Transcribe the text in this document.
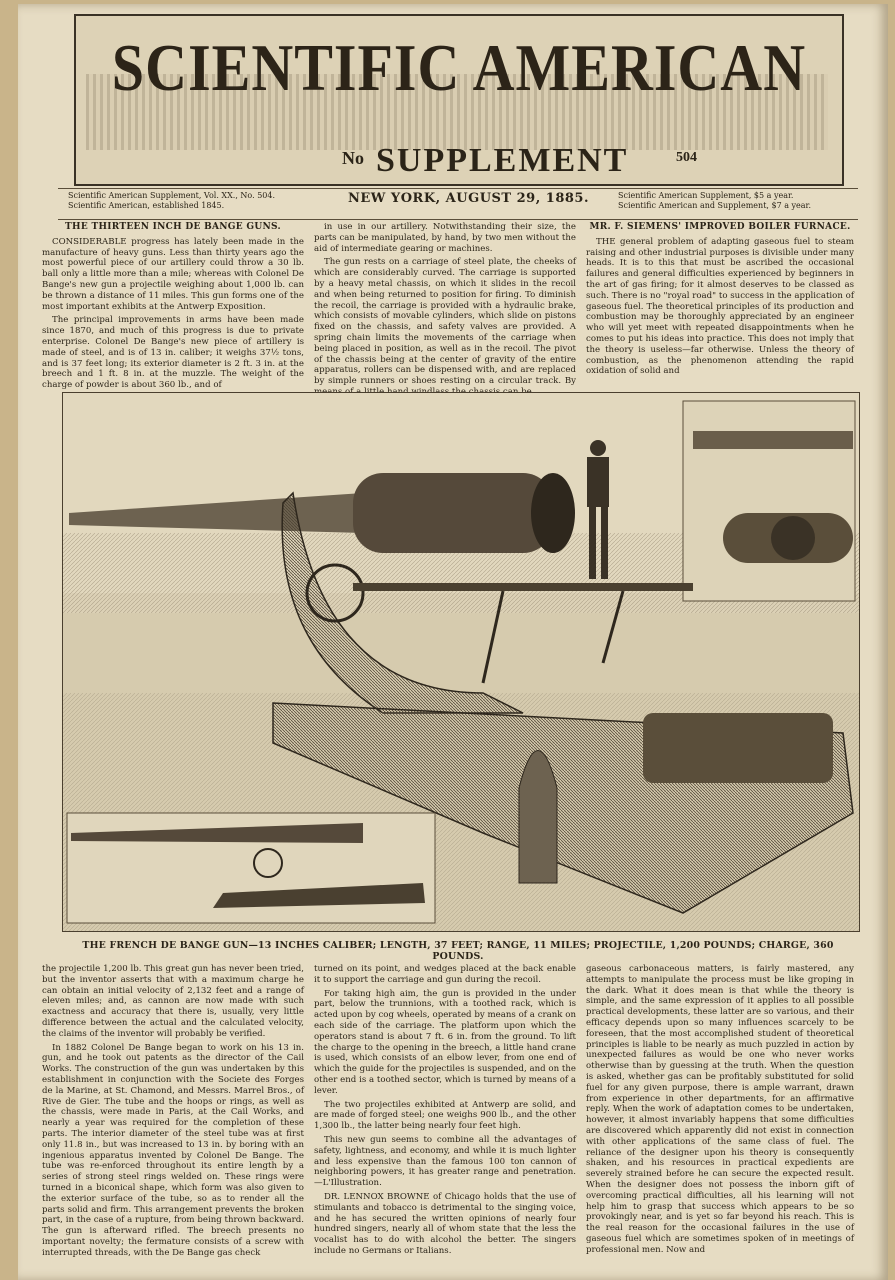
SCIENTIFIC AMERICAN
No SUPPLEMENT	504
Scientific American Supplement, Vol. XX., No. 504.
Scientific American, established 1845.	NEW YORK, AUGUST 29, 1885.	Scientific American Supplement, $5 a year.
Scientific American and Supplement, $7 a year.
THE THIRTEEN INCH DE BANGE GUNS.

CONSIDERABLE progress has lately been made in the manufacture of heavy guns. Less than thirty years ago the most powerful piece of our artillery could throw a 30 lb. ball only a little more than a mile; whereas with Colonel De Bange's new gun a projectile weighing about 1,000 lb. can be thrown a distance of 11 miles. This gun forms one of the most important exhibits at the Antwerp Exposition.

The principal improvements in arms have been made since 1870, and much of this progress is due to private enterprise. Colonel De Bange's new piece of artillery is made of steel, and is of 13 in. caliber; it weighs 37½ tons, and is 37 feet long; its exterior diameter is 2 ft. 3 in. at the breech and 1 ft. 8 in. at the muzzle. The weight of the charge of powder is about 360 lb., and of

in use in our artillery. Notwithstanding their size, the parts can be manipulated, by hand, by two men without the aid of intermediate gearing or machines.

The gun rests on a carriage of steel plate, the cheeks of which are considerably curved. The carriage is supported by a heavy metal chassis, on which it slides in the recoil and when being returned to position for firing. To diminish the recoil, the carriage is provided with a hydraulic brake, which consists of movable cylinders, which slide on pistons fixed on the chassis, and safety valves are provided. A spring chain limits the movements of the carriage when being placed in position, as well as in the recoil. The pivot of the chassis being at the center of gravity of the entire apparatus, rollers can be dispensed with, and are replaced by simple runners or shoes resting on a circular track. By

MR. F. SIEMENS' IMPROVED BOILER FURNACE.

THE general problem of adapting gaseous fuel to steam raising and other industrial purposes is divisible under many heads. It is to this that must be ascribed the occasional failures and general difficulties experienced by beginners in the art of gas firing; for it almost deserves to be classed as such. There is no "royal road" to success in the application of gaseous fuel. The theoretical principles of its production and combustion may be thoroughly appreciated by an engineer who will yet meet with repeated disappointments when he comes to put his ideas into practice. This does not imply that the theory is useless—far otherwise. Unless the theory of combustion, as the phenomenon attending the rapid oxidation of solid and

THE FRENCH DE BANGE GUN—13 INCHES CALIBER; LENGTH, 37 FEET; RANGE, 11 MILES; PROJECTILE, 1,200 POUNDS; CHARGE, 360 POUNDS.

the projectile 1,200 lb. This great gun has never been tried, but the inventor asserts that with a maximum charge he can obtain an initial velocity of 2,132 feet and a range of eleven miles; and, as cannon are now made with such exactness and accuracy that there is, usually, very little difference between the actual and the calculated velocity, the claims of the inventor will probably be verified.

In 1882 Colonel De Bange began to work on his 13 in. gun, and he took out patents as the director of the Cail Works. The construction of the gun was undertaken by this establishment in conjunction with the Societe des Forges de la Marine, at St. Chamond, and Messrs. Marrel Bros., of Rive de Gier. The tube and the hoops or rings, as well as the chassis, were made in Paris, at the Cail Works, and nearly a year was required for the completion of these parts. The interior diameter of the steel tube was at first only 11.8 in., but was increased to 13 in. by boring with an ingenious apparatus invented by Colonel De Bange. The tube was re-enforced throughout its entire length by a series of strong steel rings welded on. These rings were turned in a biconical shape, which form was also given to the exterior surface of the tube, so as to render all the parts solid and firm. This arrangement prevents the broken part, in the case of a rupture, from being thrown backward. The gun is afterward rifled. The breech presents no important novelty; the fermature consists of a screw with interrupted threads, with the De Bange gas check

turned on its point, and wedges placed at the back enable it to support the carriage and gun during the recoil.

For taking high aim, the gun is provided in the under part, below the trunnions, with a toothed rack, which is acted upon by cog wheels, operated by means of a crank on each side of the carriage. The platform upon which the operators stand is about 7 ft. 6 in. from the ground. To lift the charge to the opening in the breech, a little hand crane is used, which consists of an elbow lever, from one end of which the guide for the projectiles is suspended, and on the other end is a toothed sector, which is turned by means of a lever.

The two projectiles exhibited at Antwerp are solid, and are made of forged steel; one weighs 900 lb., and the other 1,300 lb., the latter being nearly four feet high.

This new gun seems to combine all the advantages of safety, lightness, and economy, and while it is much lighter and less expensive than the famous 100 ton cannon of neighboring powers, it has greater range and penetration.—L'Illustration.

DR. LENNOX BROWNE of Chicago holds that the use of stimulants and tobacco is detrimental to the singing voice, and he has secured the written opinions of nearly four hundred singers, nearly all of whom state that the less the vocalist has to do with alcohol the better. The singers include no Germans or Italians.

gaseous carbonaceous matters, is fairly mastered, any attempts to manipulate the process must be like groping in the dark. What it does mean is that while the theory is simple, and the same expression of it applies to all possible practical developments, these latter are so various, and their efficacy depends upon so many influences scarcely to be foreseen, that the most accomplished student of theoretical principles is liable to be nearly as much puzzled in action by unexpected failures as would be one who never works otherwise than by guessing at the truth. When the question is asked, whether gas can be profitably substituted for solid fuel for any given purpose, there is ample warrant, drawn from experience in other departments, for an affirmative reply. When the work of adaptation comes to be undertaken, however, it almost invariably happens that some difficulties are discovered which apparently did not exist in connection with other applications of the same class of fuel. The reliance of the designer upon his theory is consequently shaken, and his resources in practical expedients are severely strained before he can secure the expected result. When the designer does not possess the inborn gift of overcoming practical difficulties, all his learning will not help him to grasp that success which appears to be so provokingly near, and is yet so far beyond his reach. This is the real reason for the occasional failures in the use of gaseous fuel which are sometimes spoken of in meetings of professional men. Now and
